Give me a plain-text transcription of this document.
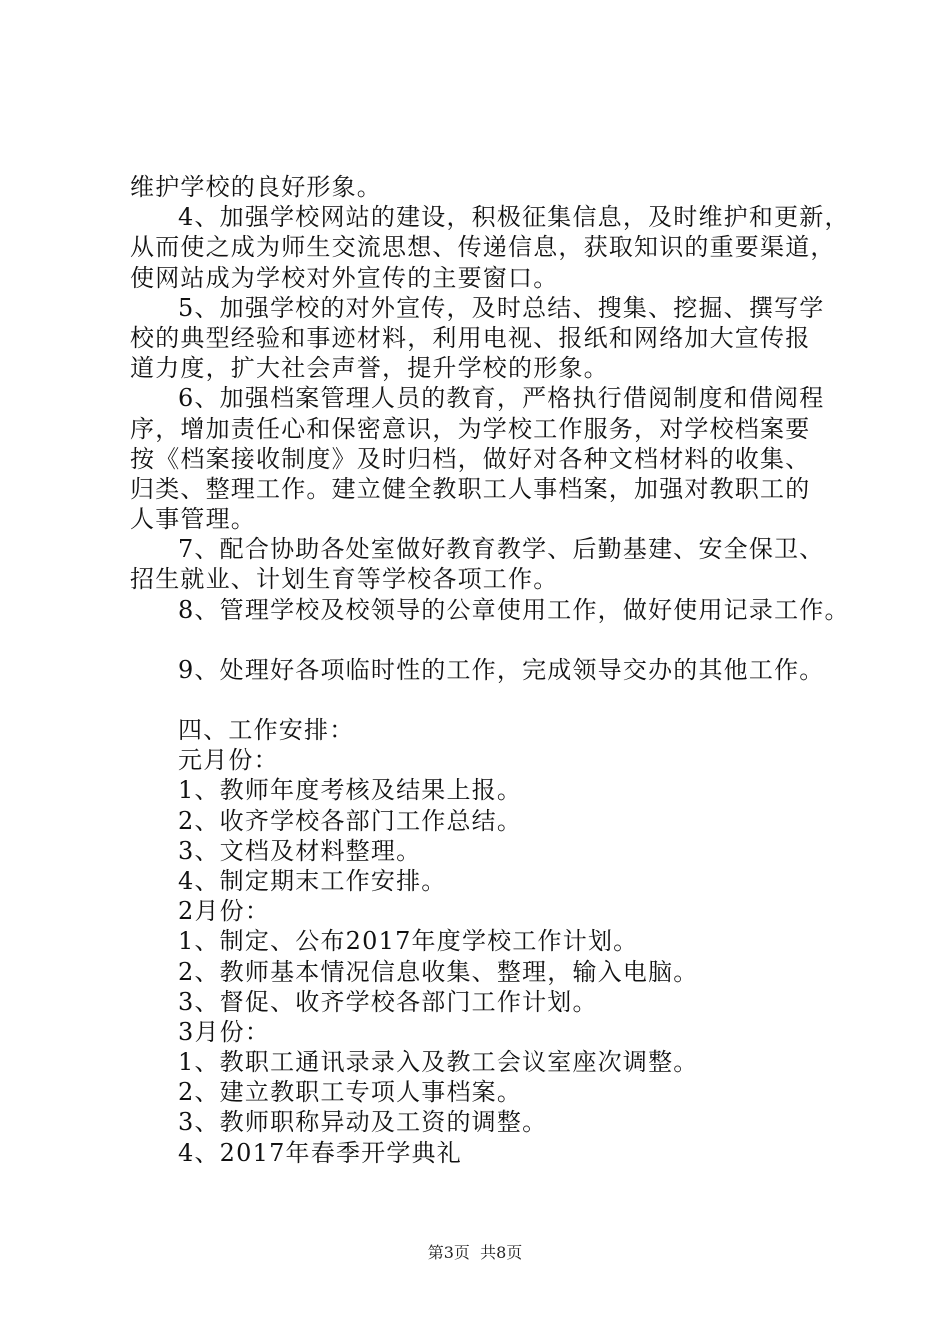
维护学校的良好形象。
4、加强学校网站的建设，积极征集信息，及时维护和更新，
从而使之成为师生交流思想、传递信息，获取知识的重要渠道，
使网站成为学校对外宣传的主要窗口。
5、加强学校的对外宣传，及时总结、搜集、挖掘、撰写学
校的典型经验和事迹材料，利用电视、报纸和网络加大宣传报
道力度，扩大社会声誉，提升学校的形象。
6、加强档案管理人员的教育，严格执行借阅制度和借阅程
序，增加责任心和保密意识，为学校工作服务，对学校档案要
按《档案接收制度》及时归档，做好对各种文档材料的收集、
归类、整理工作。建立健全教职工人事档案，加强对教职工的
人事管理。
7、配合协助各处室做好教育教学、后勤基建、安全保卫、
招生就业、计划生育等学校各项工作。
8、管理学校及校领导的公章使用工作，做好使用记录工作。
9、处理好各项临时性的工作，完成领导交办的其他工作。
四、工作安排：
元月份：
1、教师年度考核及结果上报。
2、收齐学校各部门工作总结。
3、文档及材料整理。
4、制定期末工作安排。
2月份：
1、制定、公布2017年度学校工作计划。
2、教师基本情况信息收集、整理，输入电脑。
3、督促、收齐学校各部门工作计划。
3月份：
1、教职工通讯录录入及教工会议室座次调整。
2、建立教职工专项人事档案。
3、教师职称异动及工资的调整。
4、2017年春季开学典礼
第3页 共8页
